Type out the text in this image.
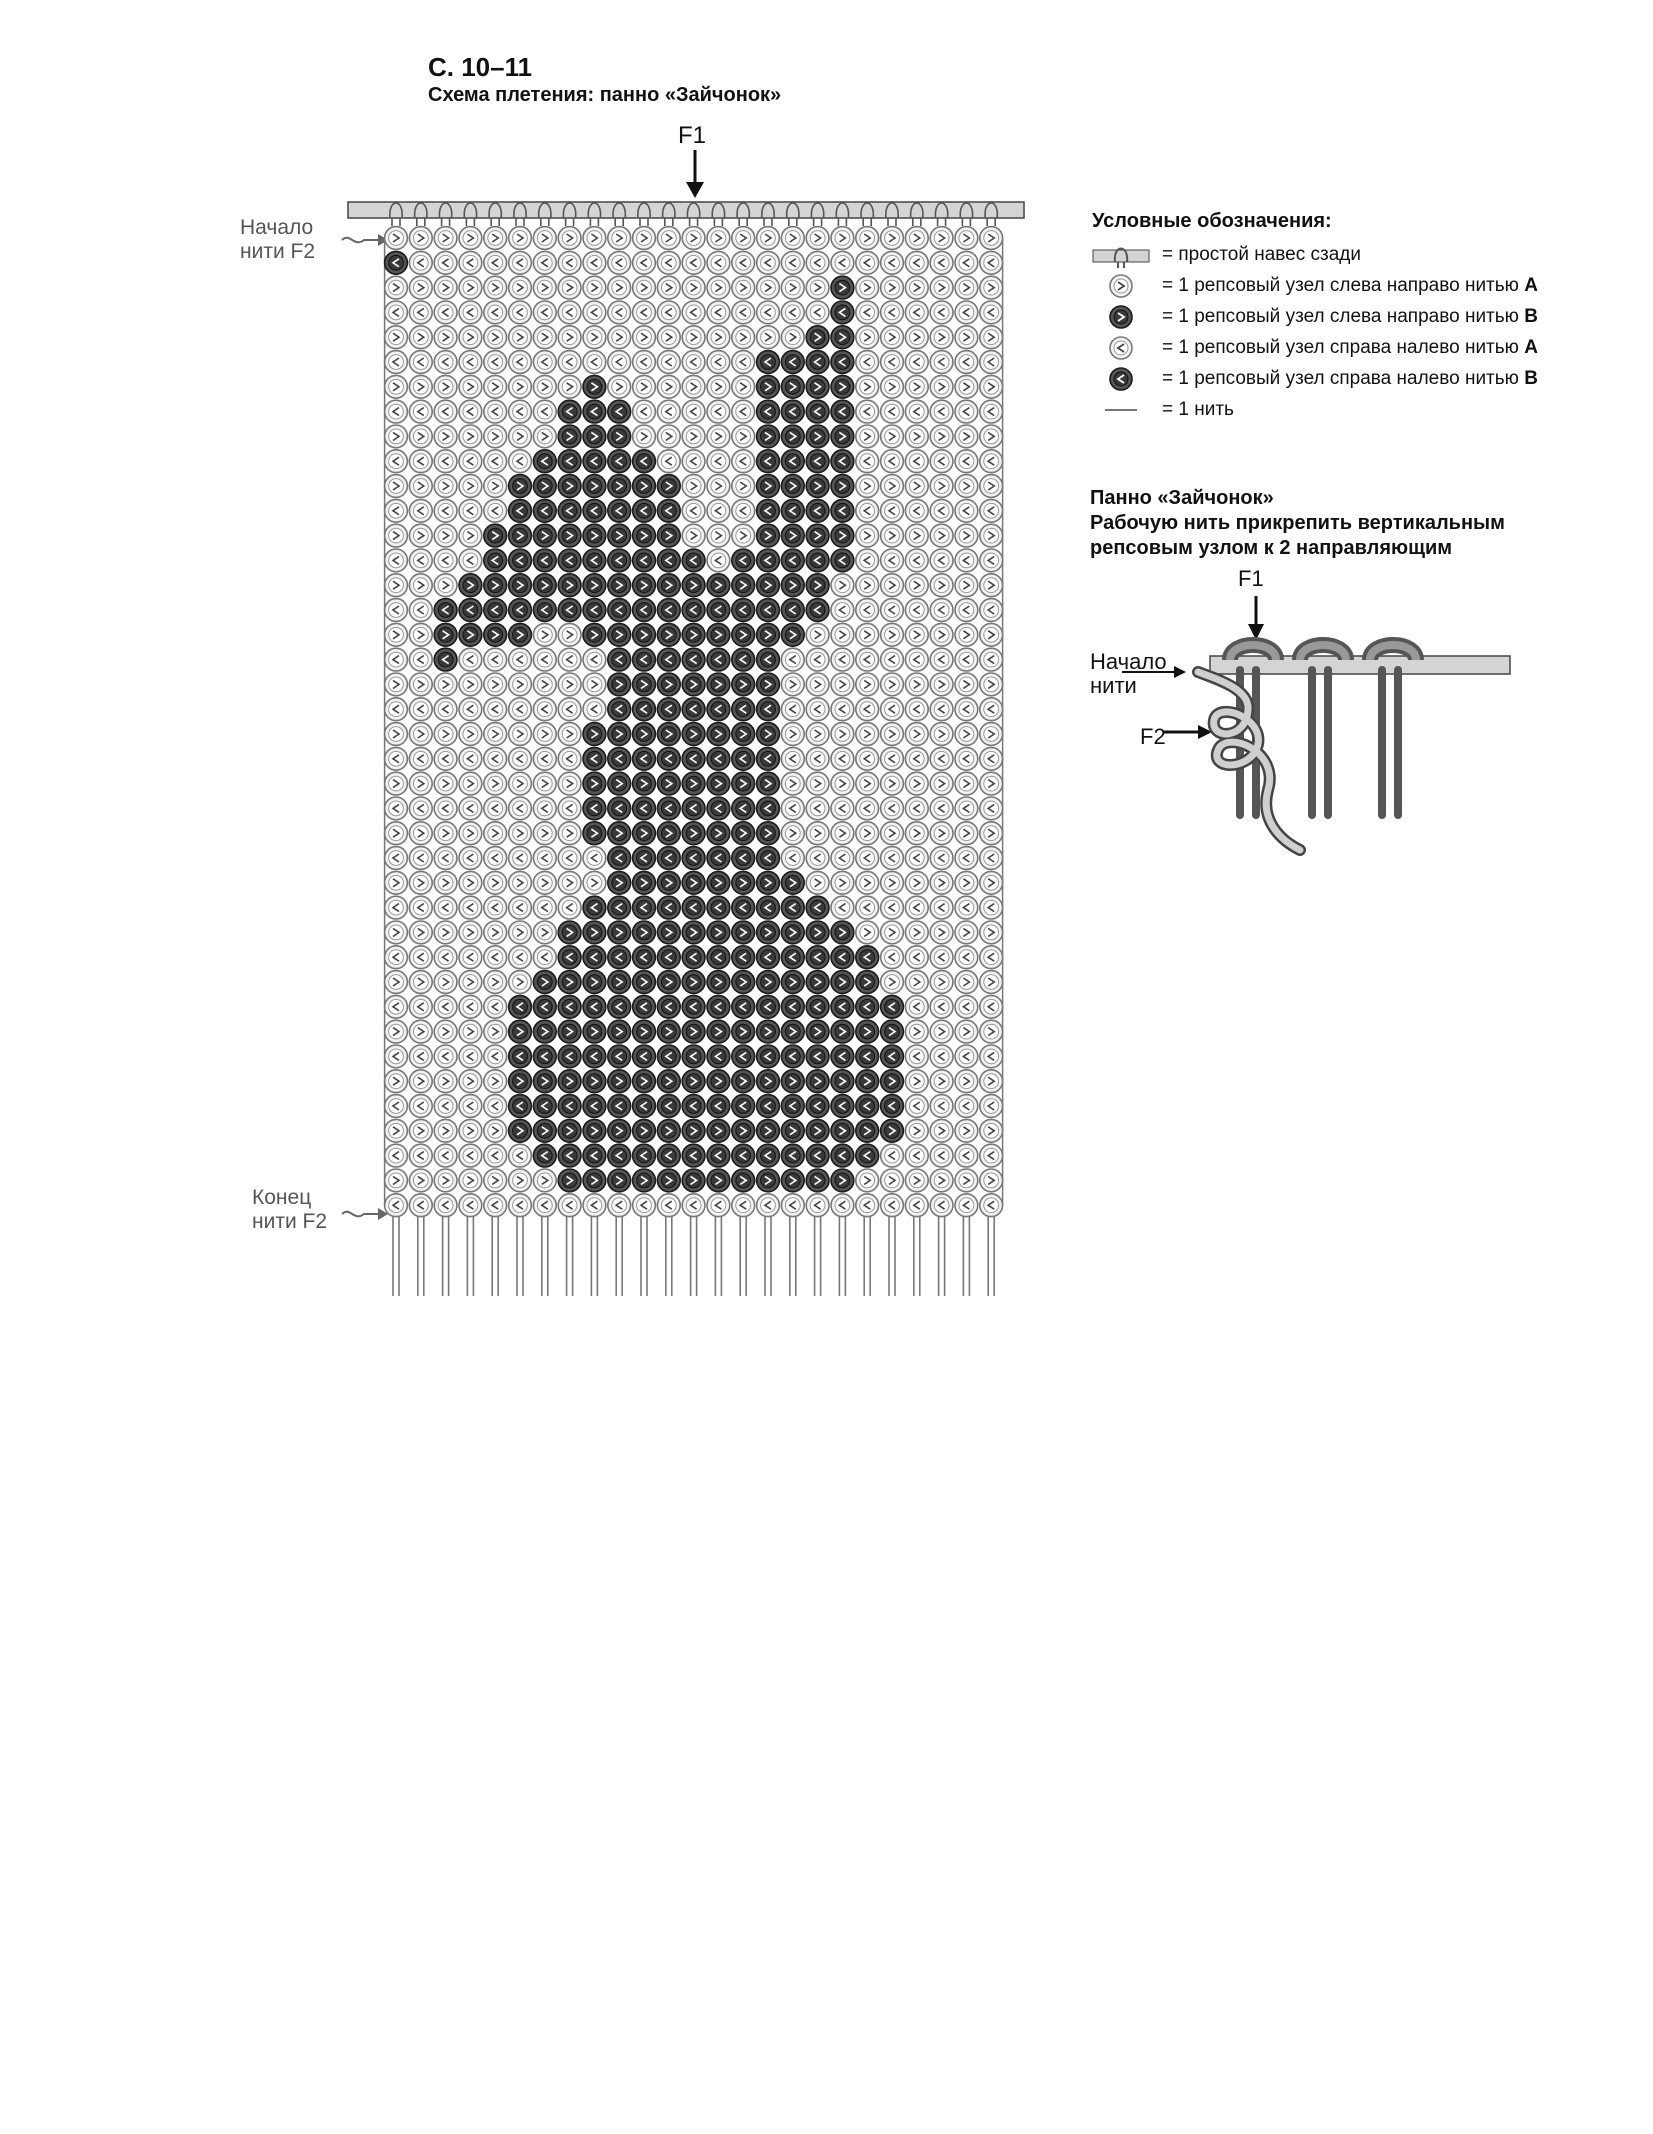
С. 10–11
Схема плетения: панно «Зайчонок»
F1
Начало
нити F2
Конец
нити F2
Условные обозначения:
= простой навес сзади
= 1 репсовый узел слева направо нитью А
= 1 репсовый узел слева направо нитью В
= 1 репсовый узел справа налево нитью А
= 1 репсовый узел справа налево нитью В
= 1 нить
Панно «Зайчонок»
Рабочую нить прикрепить вертикальным
репсовым узлом к 2 направляющим
F1
F2
Начало
нити
